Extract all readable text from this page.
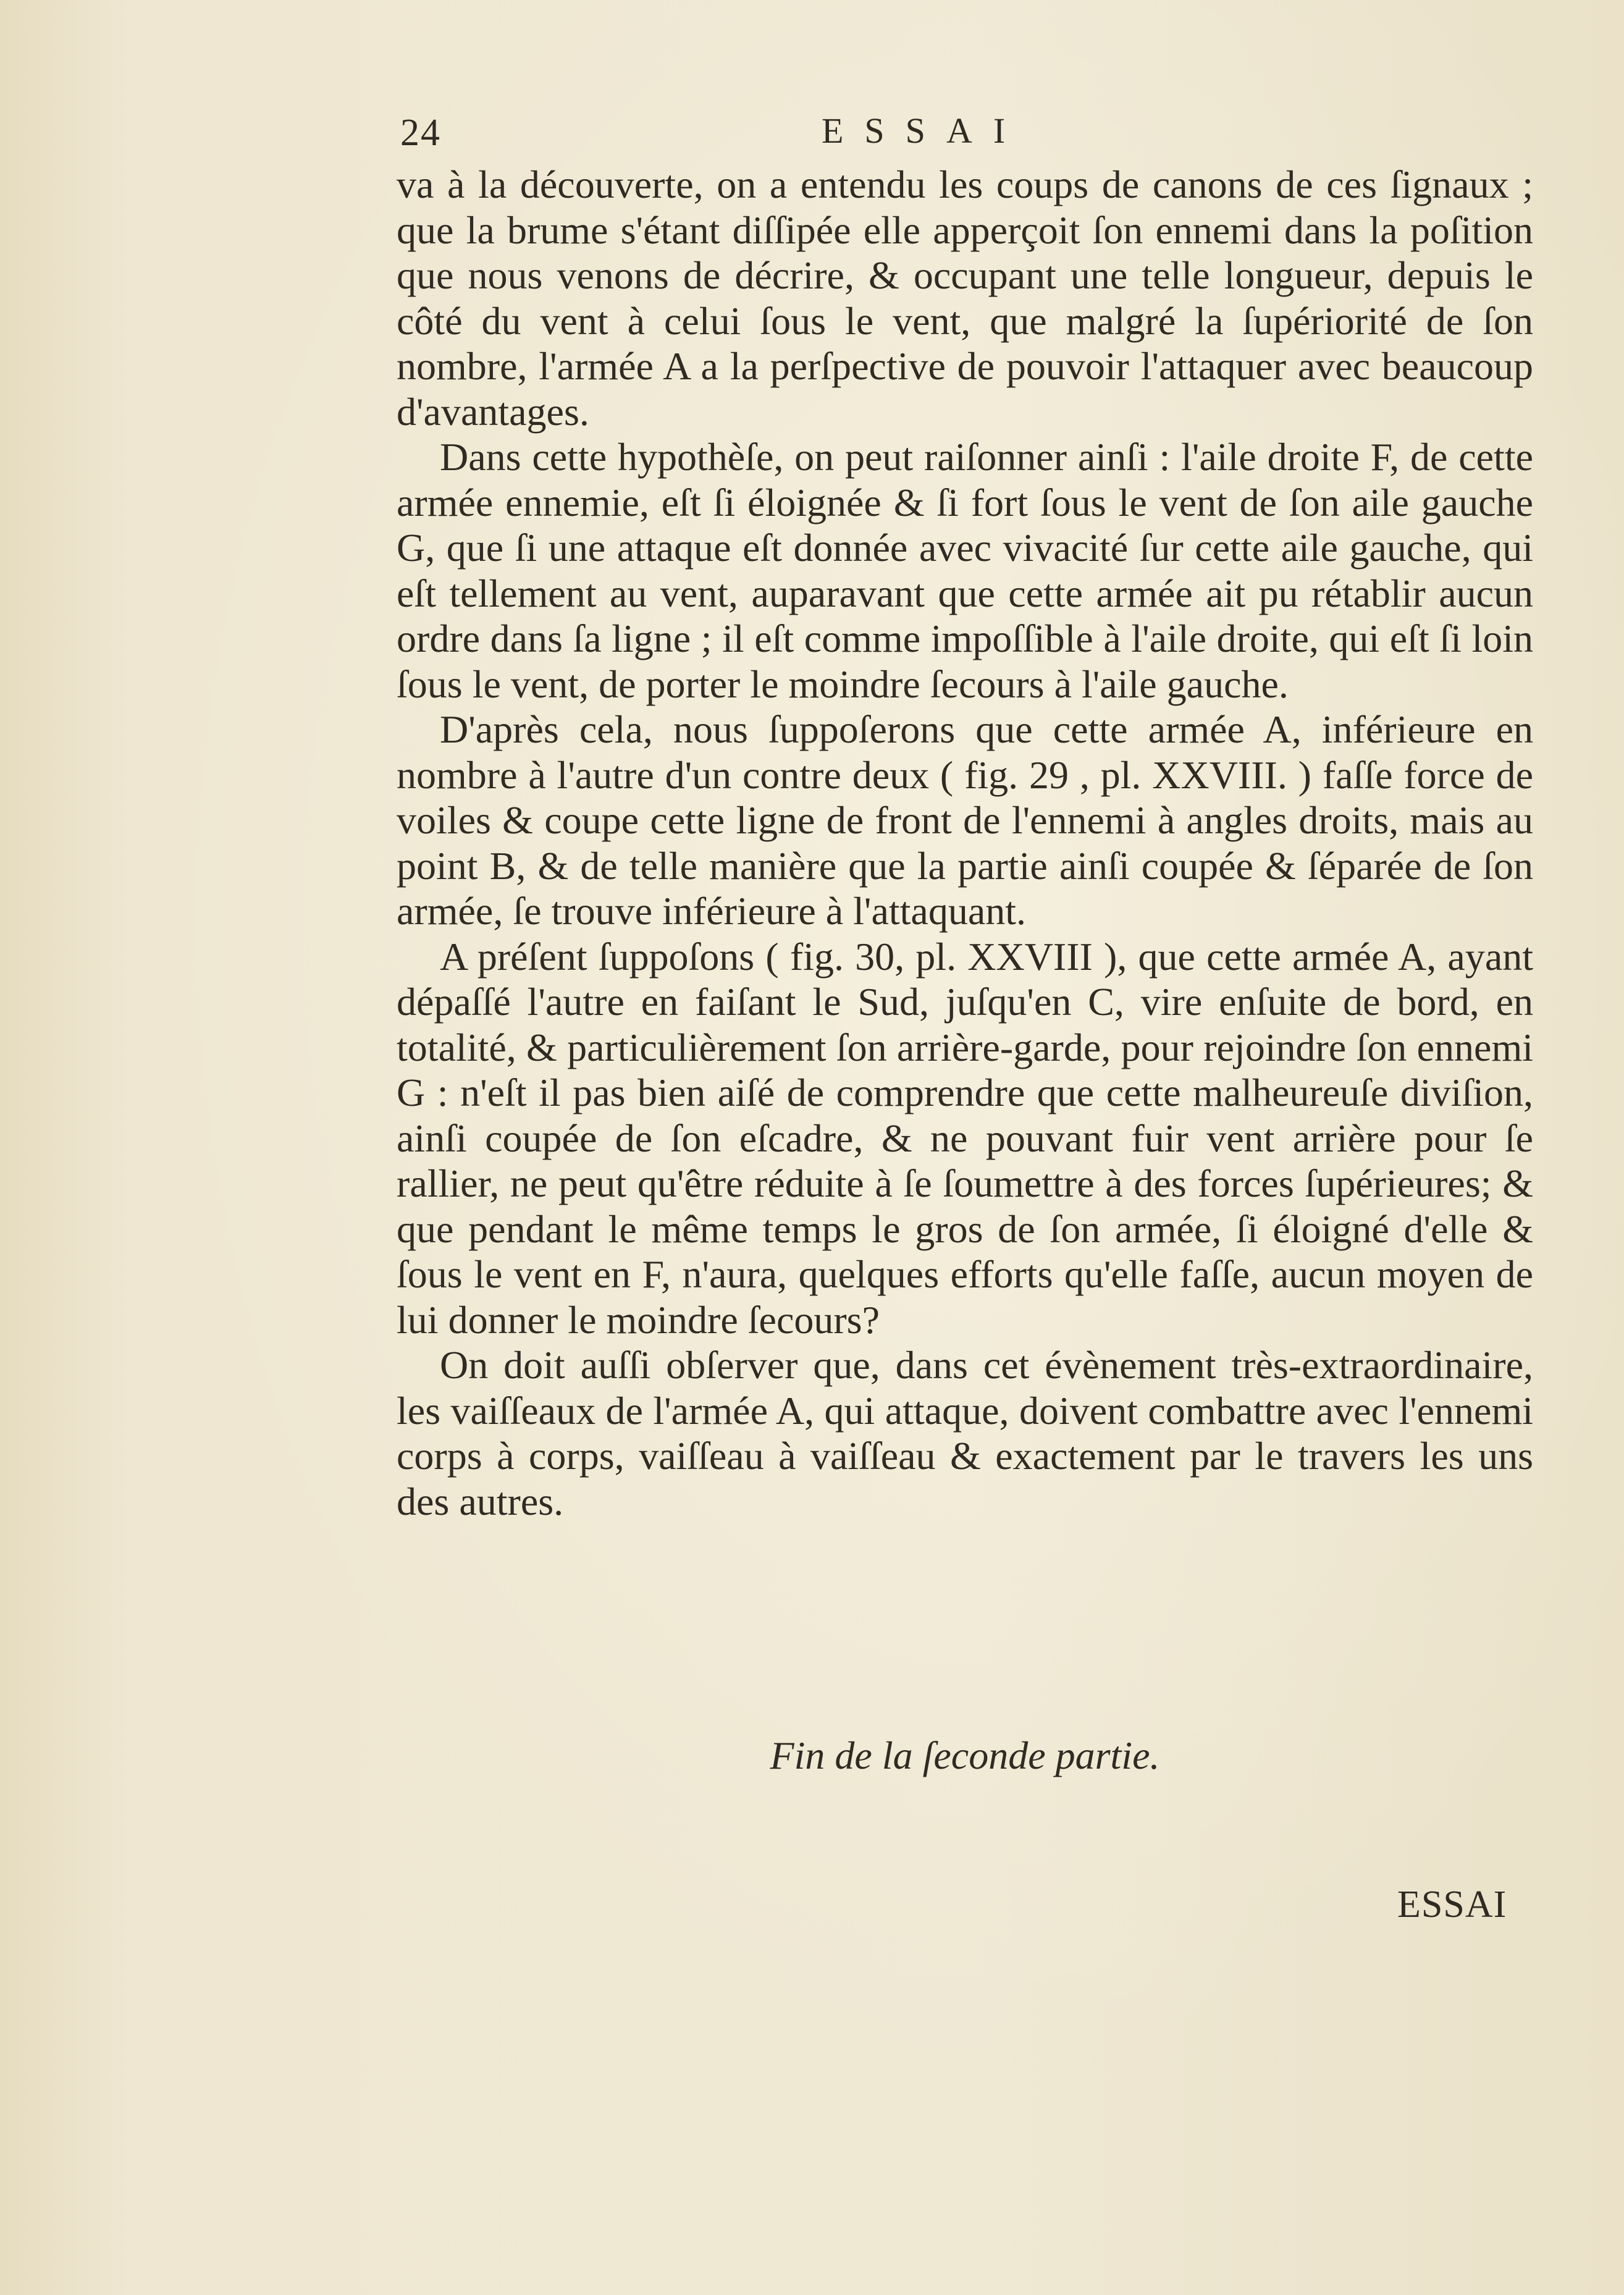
24	ESSAI

va à la découverte, on a entendu les coups de canons de ces ſignaux ; que la brume s'étant diſſipée elle apperçoit ſon ennemi dans la poſition que nous venons de décrire, & occupant une telle longueur, depuis le côté du vent à celui ſous le vent, que malgré la ſupériorité de ſon nombre, l'armée A a la perſpective de pouvoir l'attaquer avec beaucoup d'avantages.

Dans cette hypothèſe, on peut raiſonner ainſi : l'aile droite F, de cette armée ennemie, eſt ſi éloignée & ſi fort ſous le vent de ſon aile gauche G, que ſi une attaque eſt donnée avec vivacité ſur cette aile gauche, qui eſt tellement au vent, auparavant que cette armée ait pu rétablir aucun ordre dans ſa ligne ; il eſt comme impoſſible à l'aile droite, qui eſt ſi loin ſous le vent, de porter le moindre ſecours à l'aile gauche.

D'après cela, nous ſuppoſerons que cette armée A, inférieure en nombre à l'autre d'un contre deux ( fig. 29 , pl. XXVIII. ) faſſe force de voiles & coupe cette ligne de front de l'ennemi à angles droits, mais au point B, & de telle manière que la partie ainſi coupée & ſéparée de ſon armée, ſe trouve inférieure à l'attaquant.

A préſent ſuppoſons ( fig. 30, pl. XXVIII ), que cette armée A, ayant dépaſſé l'autre en faiſant le Sud, juſqu'en C, vire enſuite de bord, en totalité, & particulièrement ſon arrière-garde, pour rejoindre ſon ennemi G : n'eſt il pas bien aiſé de comprendre que cette malheureuſe diviſion, ainſi coupée de ſon eſcadre, & ne pouvant fuir vent arrière pour ſe rallier, ne peut qu'être réduite à ſe ſoumettre à des forces ſupérieures; & que pendant le même temps le gros de ſon armée, ſi éloigné d'elle & ſous le vent en F, n'aura, quelques efforts qu'elle faſſe, aucun moyen de lui donner le moindre ſecours?

On doit auſſi obſerver que, dans cet évènement très-extraordinaire, les vaiſſeaux de l'armée A, qui attaque, doivent combattre avec l'ennemi corps à corps, vaiſſeau à vaiſſeau & exactement par le travers les uns des autres.

Fin de la ſeconde partie.
ESSAI
